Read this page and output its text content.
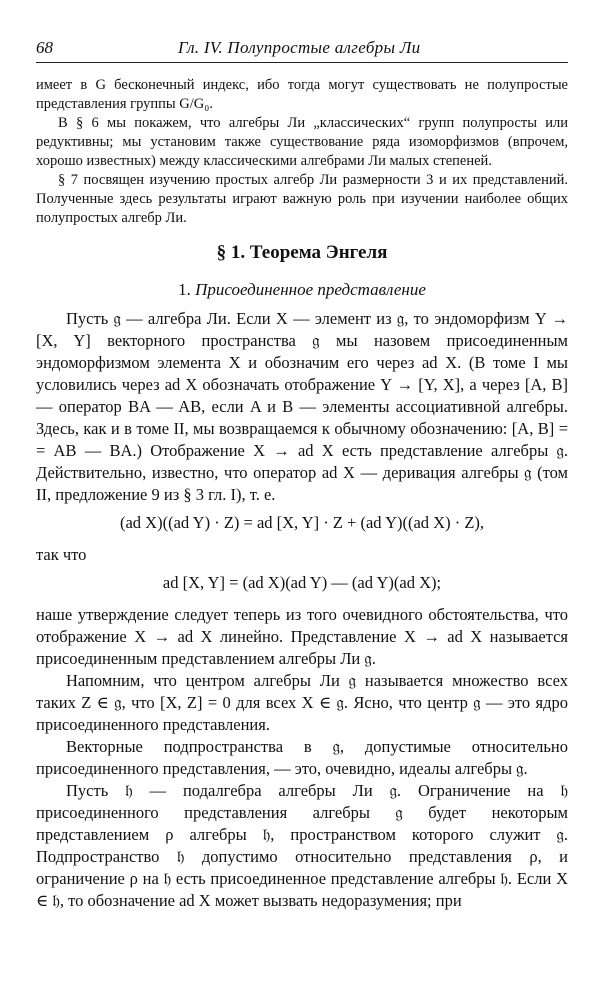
68	Гл. IV. Полупростые алгебры Ли

имеет в G бесконечный индекс, ибо тогда могут существовать не полупростые представления группы G/G₀.

В § 6 мы покажем, что алгебры Ли „классических“ групп полупросты или редуктивны; мы установим также существование ряда изоморфизмов (впрочем, хорошо известных) между классическими алгебрами Ли малых степеней.

§ 7 посвящен изучению простых алгебр Ли размерности 3 и их представлений. Полученные здесь результаты играют важную роль при изучении наиболее общих полупростых алгебр Ли.

§ 1. Теорема Энгеля
1. Присоединенное представление

Пусть 𝔤 — алгебра Ли. Если X — элемент из 𝔤, то эндоморфизм Y → [X, Y] векторного пространства 𝔤 мы назовем присоединенным эндоморфизмом элемента X и обозначим его через ad X. (В томе I мы условились через ad X обозначать отображение Y → [Y, X], а через [A, B] — оператор BA — AB, если A и B — элементы ассоциативной алгебры. Здесь, как и в томе II, мы возвращаемся к обычному обозначению: [A, B] = = AB — BA.) Отображение X → ad X есть представление алгебры 𝔤. Действительно, известно, что оператор ad X — деривация алгебры 𝔤 (том II, предложение 9 из § 3 гл. I), т. е.

(ad X)((ad Y) · Z) = ad [X, Y] · Z + (ad Y)((ad X) · Z),

так что

ad [X, Y] = (ad X)(ad Y) — (ad Y)(ad X);

наше утверждение следует теперь из того очевидного обстоятельства, что отображение X → ad X линейно. Представление X → ad X называется присоединенным представлением алгебры Ли 𝔤.

Напомним, что центром алгебры Ли 𝔤 называется множество всех таких Z ∈ 𝔤, что [X, Z] = 0 для всех X ∈ 𝔤. Ясно, что центр 𝔤 — это ядро присоединенного представления.

Векторные подпространства в 𝔤, допустимые относительно присоединенного представления, — это, очевидно, идеалы алгебры 𝔤.

Пусть 𝔥 — подалгебра алгебры Ли 𝔤. Ограничение на 𝔥 присоединенного представления алгебры 𝔤 будет некоторым представлением ρ алгебры 𝔥, пространством которого служит 𝔤. Подпространство 𝔥 допустимо относительно представления ρ, и ограничение ρ на 𝔥 есть присоединенное представление алгебры 𝔥. Если X ∈ 𝔥, то обозначение ad X может вызвать недоразумения; при
